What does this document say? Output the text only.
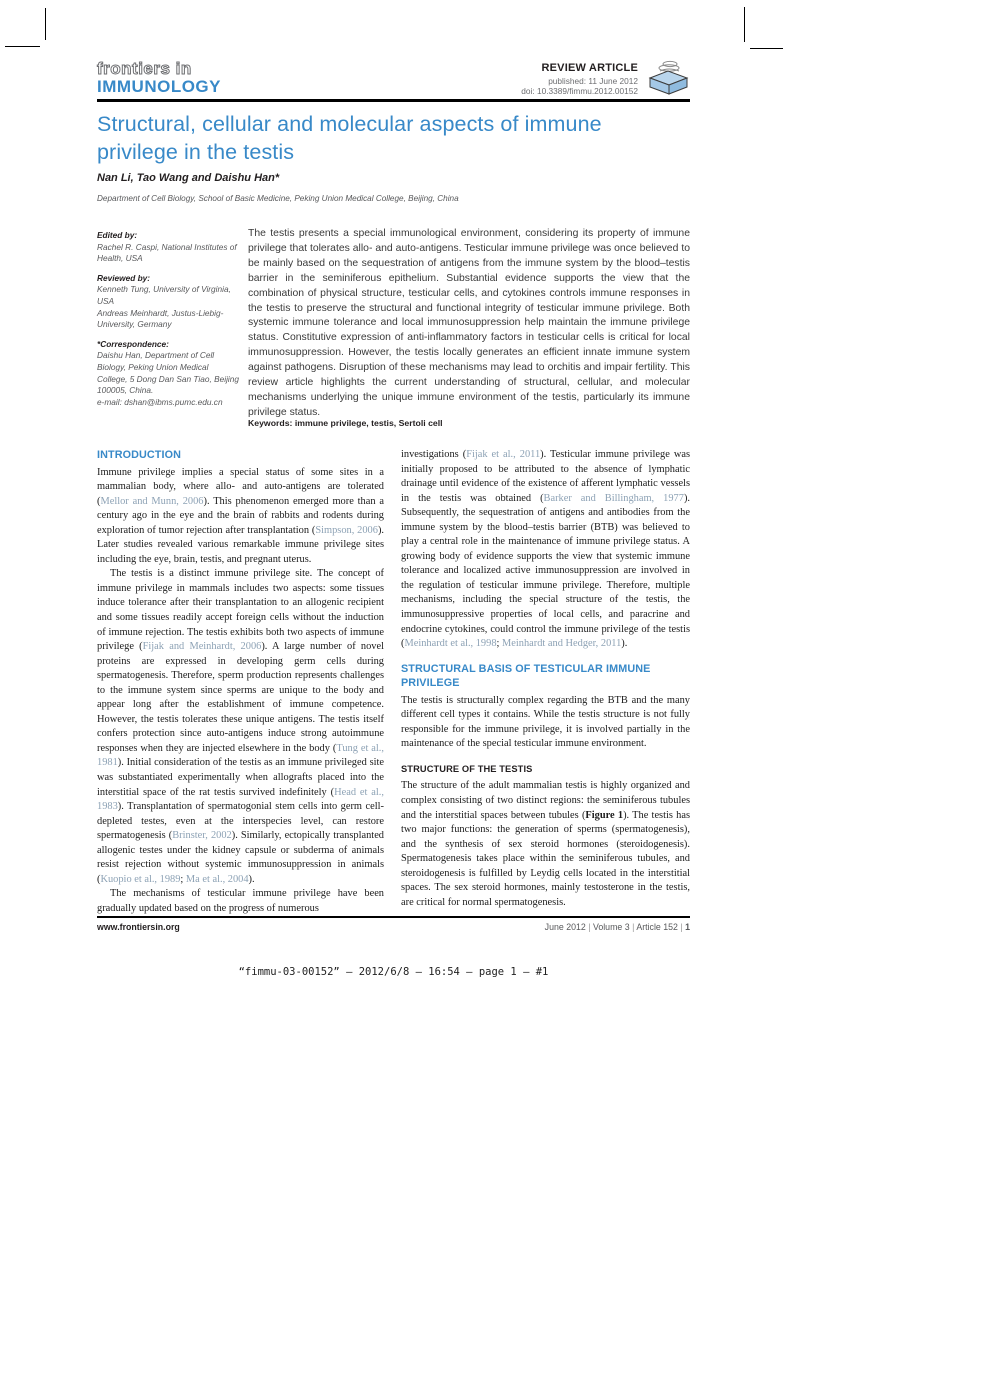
frontiers in
IMMUNOLOGY
REVIEW ARTICLE
published: 11 June 2012
doi: 10.3389/fimmu.2012.00152
Structural, cellular and molecular aspects of immune privilege in the testis
Nan Li, Tao Wang and Daishu Han*
Department of Cell Biology, School of Basic Medicine, Peking Union Medical College, Beijing, China
Edited by:
Rachel R. Caspi, National Institutes of Health, USA
Reviewed by:
Kenneth Tung, University of Virginia, USA
Andreas Meinhardt, Justus-Liebig-University, Germany
*Correspondence:
Daishu Han, Department of Cell Biology, Peking Union Medical College, 5 Dong Dan San Tiao, Beijing 100005, China.
e-mail: dshan@ibms.pumc.edu.cn
The testis presents a special immunological environment, considering its property of immune privilege that tolerates allo- and auto-antigens. Testicular immune privilege was once believed to be mainly based on the sequestration of antigens from the immune system by the blood–testis barrier in the seminiferous epithelium. Substantial evidence supports the view that the combination of physical structure, testicular cells, and cytokines controls immune responses in the testis to preserve the structural and functional integrity of testicular immune privilege. Both systemic immune tolerance and local immunosuppression help maintain the immune privilege status. Constitutive expression of anti-inflammatory factors in testicular cells is critical for local immunosuppression. However, the testis locally generates an efficient innate immune system against pathogens. Disruption of these mechanisms may lead to orchitis and impair fertility. This review article highlights the current understanding of structural, cellular, and molecular mechanisms underlying the unique immune environment of the testis, particularly its immune privilege status.
Keywords: immune privilege, testis, Sertoli cell
INTRODUCTION

Immune privilege implies a special status of some sites in a mammalian body, where allo- and auto-antigens are tolerated (Mellor and Munn, 2006). This phenomenon emerged more than a century ago in the eye and the brain of rabbits and rodents during exploration of tumor rejection after transplantation (Simpson, 2006). Later studies revealed various remarkable immune privilege sites including the eye, brain, testis, and pregnant uterus.

The testis is a distinct immune privilege site. The concept of immune privilege in mammals includes two aspects: some tissues induce tolerance after their transplantation to an allogenic recipient and some tissues readily accept foreign cells without the induction of immune rejection. The testis exhibits both two aspects of immune privilege (Fijak and Meinhardt, 2006). A large number of novel proteins are expressed in developing germ cells during spermatogenesis. Therefore, sperm production represents challenges to the immune system since sperms are unique to the body and appear long after the establishment of immune competence. However, the testis tolerates these unique antigens. The testis itself confers protection since auto-antigens induce strong autoimmune responses when they are injected elsewhere in the body (Tung et al., 1981). Initial consideration of the testis as an immune privileged site was substantiated experimentally when allografts placed into the interstitial space of the rat testis survived indefinitely (Head et al., 1983). Transplantation of spermatogonial stem cells into germ cell-depleted testes, even at the interspecies level, can restore spermatogenesis (Brinster, 2002). Similarly, ectopically transplanted allogenic testes under the kidney capsule or subderma of animals resist rejection without systemic immunosuppression in animals (Kuopio et al., 1989; Ma et al., 2004).

The mechanisms of testicular immune privilege have been gradually updated based on the progress of numerous

investigations (Fijak et al., 2011). Testicular immune privilege was initially proposed to be attributed to the absence of lymphatic drainage until evidence of the existence of afferent lymphatic vessels in the testis was obtained (Barker and Billingham, 1977). Subsequently, the sequestration of antigens and antibodies from the immune system by the blood–testis barrier (BTB) was believed to play a central role in the maintenance of immune privilege status. A growing body of evidence supports the view that systemic immune tolerance and localized active immunosuppression are involved in the regulation of testicular immune privilege. Therefore, multiple mechanisms, including the special structure of the testis, the immunosuppressive properties of local cells, and paracrine and endocrine cytokines, could control the immune privilege of the testis (Meinhardt et al., 1998; Meinhardt and Hedger, 2011).

STRUCTURAL BASIS OF TESTICULAR IMMUNE PRIVILEGE

The testis is structurally complex regarding the BTB and the many different cell types it contains. While the testis structure is not fully responsible for the immune privilege, it is involved partially in the maintenance of the special testicular immune environment.

STRUCTURE OF THE TESTIS

The structure of the adult mammalian testis is highly organized and complex consisting of two distinct regions: the seminiferous tubules and the interstitial spaces between tubules (Figure 1). The testis has two major functions: the generation of sperms (spermatogenesis), and the synthesis of sex steroid hormones (steroidogenesis). Spermatogenesis takes place within the seminiferous tubules, and steroidogenesis is fulfilled by Leydig cells located in the interstitial spaces. The sex steroid hormones, mainly testosterone in the testis, are critical for normal spermatogenesis.

www.frontiersin.org	June 2012 | Volume 3 | Article 152 | 1
“fimmu-03-00152” — 2012/6/8 — 16:54 — page 1 — #1
